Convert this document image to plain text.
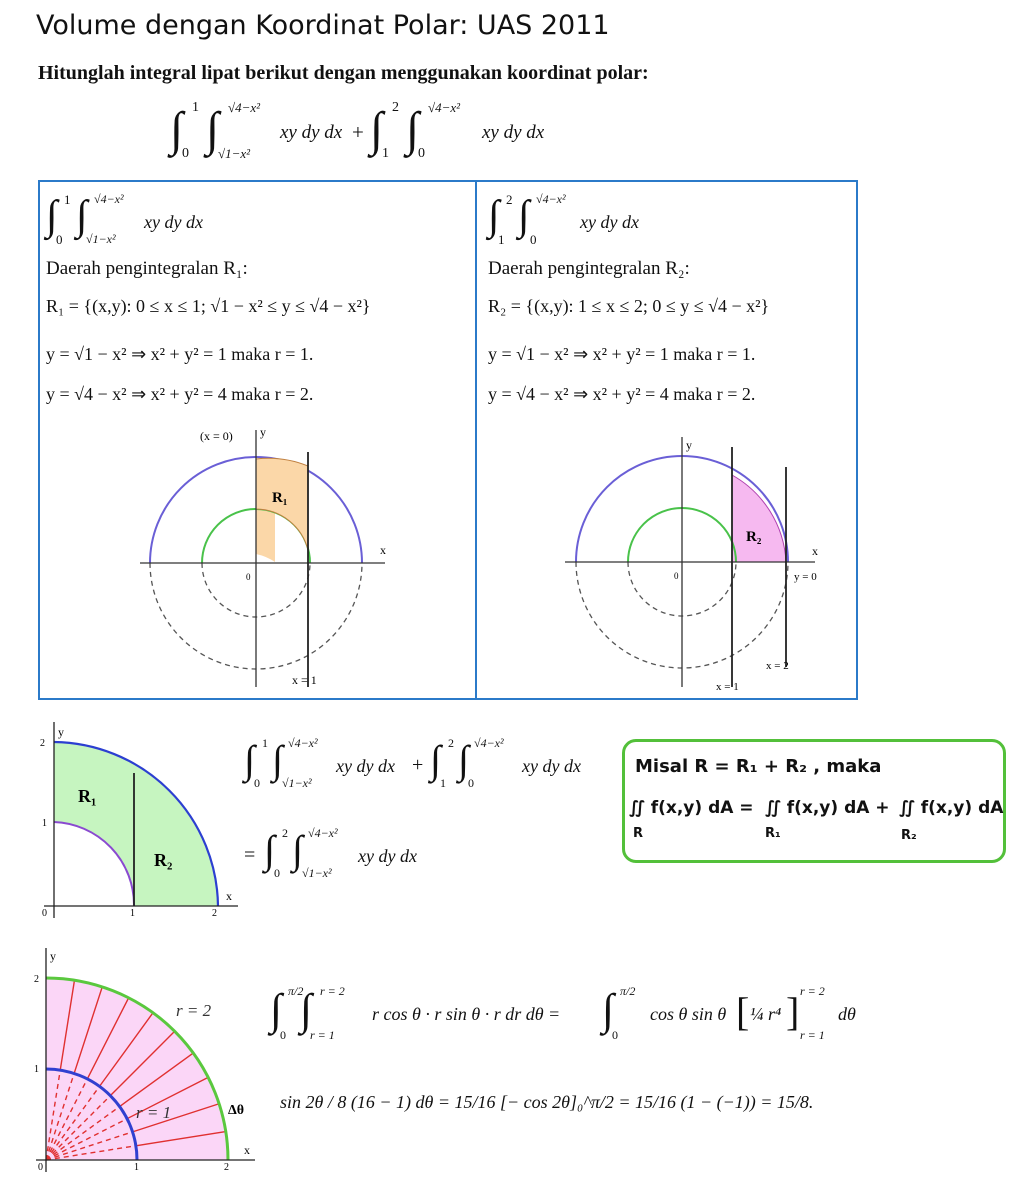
Volume dengan Koordinat Polar: UAS 2011
Hitunglah integral lipat berikut dengan menggunakan koordinat polar:
∫ 1
0 ∫ √4−x²
√1−x²
xy dy dx + ∫ 2
1 ∫ √4−x²
0
xy dy dx
∫ 1
0
∫ √4−x²
√1−x²
xy dy dx
Daerah pengintegralan R₁:
R₁ = {(x,y): 0 ≤ x ≤ 1; √1 − x² ≤ y ≤ √4 − x²}
y = √1 − x² ⇒ x² + y² = 1 maka r = 1.
y = √4 − x² ⇒ x² + y² = 4 maka r = 2.
(x = 0) y
x
R₁
0
x = 1
∫ 2
1
∫ √4−x²
0
xy dy dx
Daerah pengintegralan R₂:
R₂ = {(x,y): 1 ≤ x ≤ 2; 0 ≤ y ≤ √4 − x²}
y = √1 − x² ⇒ x² + y² = 1 maka r = 1.
y = √4 − x² ⇒ x² + y² = 4 maka r = 2.
y
x
R₂
y = 0
0
x = 2
x = 1
y
x
R₁
R₂
2
1
0	1	2
∫ 1
0
∫ √4−x²
√1−x²
xy dy dx + ∫ 2
1
∫ √4−x²
0
xy dy dx
= ∫ 2
0
∫ √4−x²
√1−x²
xy dy dx
Misal R = R₁ + R₂ , maka
∬ f(x,y) dA =
R
∬ f(x,y) dA +
R₁
∬ f(x,y) dA
R₂
y
x
r = 2
r = 1	Δθ
2
1
0	1	2
∫ π/2
0
∫ r = 2
r = 1
r cos θ · r sin θ · r dr dθ = ∫ π/2
0
cos θ sin θ [ ¼ r⁴ ] r = 2
r = 1
dθ
sin 2θ / 8 (16 − 1) dθ = 15/16 [− cos 2θ]₀^π/2 = 15/16 (1 − (−1)) = 15/8.
